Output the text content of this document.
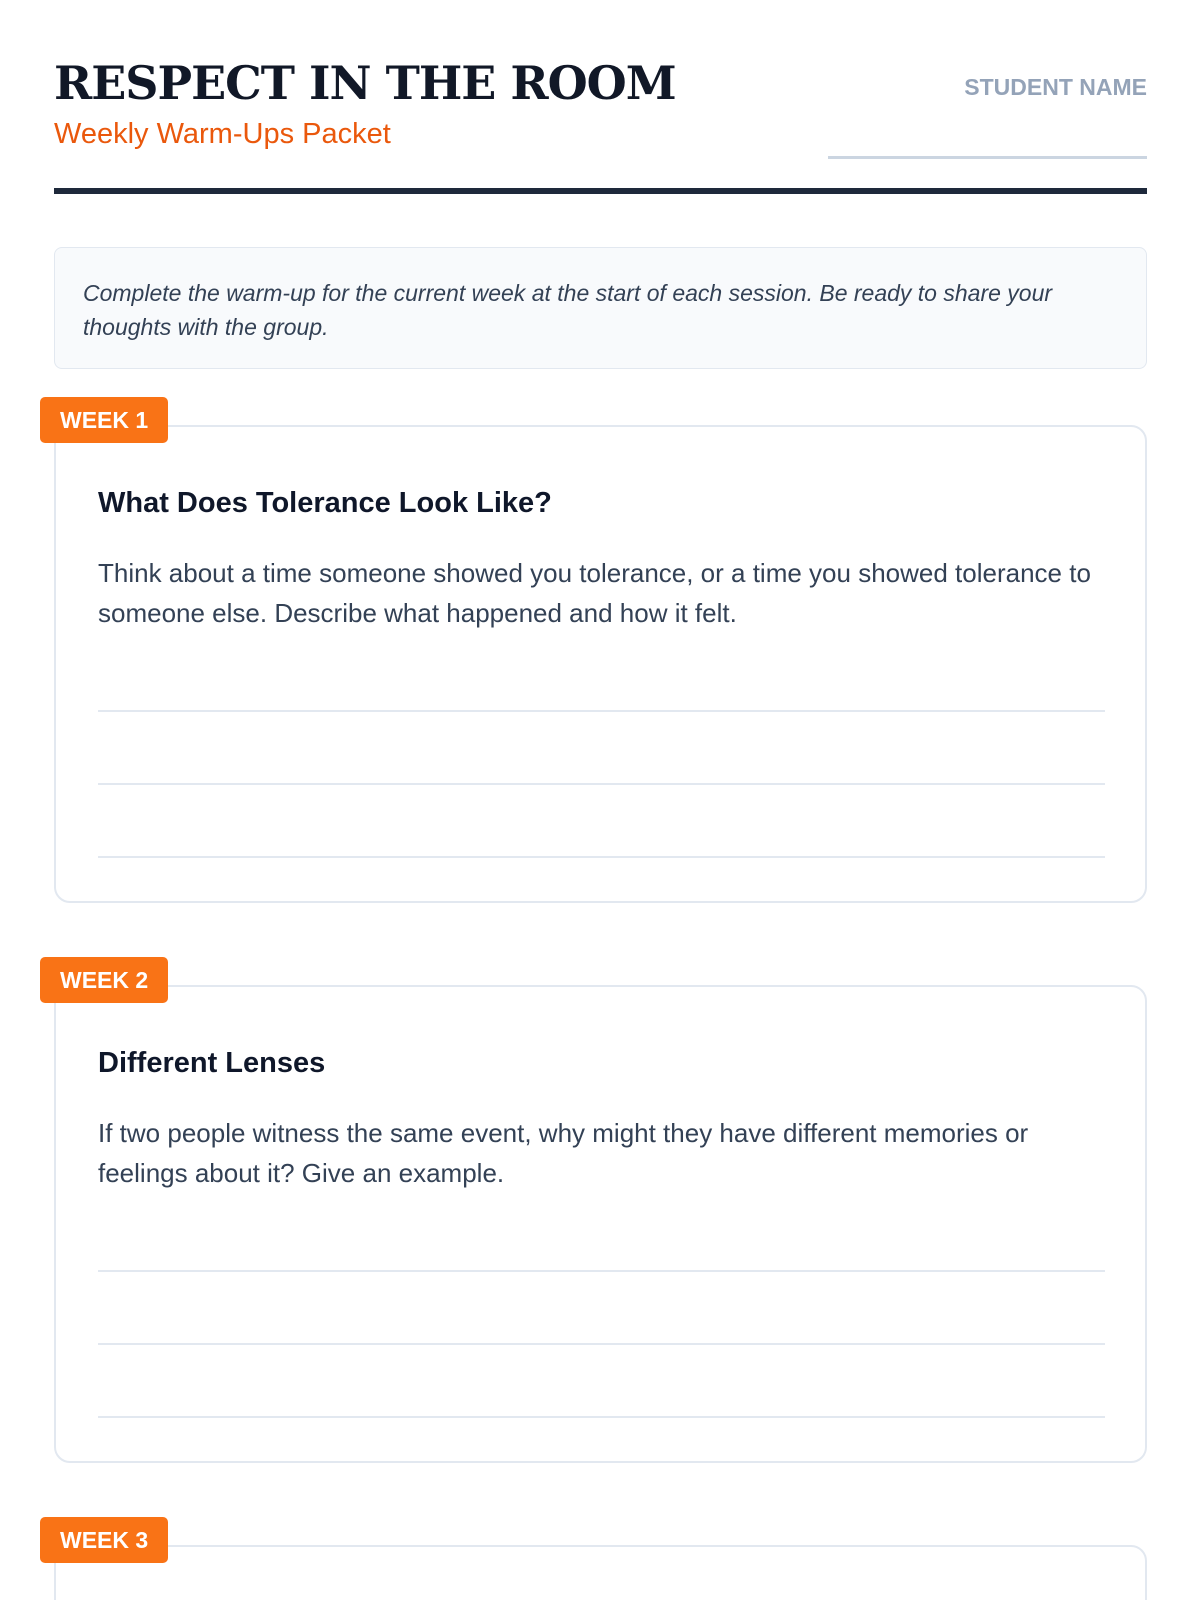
RESPECT IN THE ROOM
Weekly Warm-Ups Packet
STUDENT NAME
Complete the warm-up for the current week at the start of each session. Be ready to share your thoughts with the group.
WEEK 1
What Does Tolerance Look Like?

Think about a time someone showed you tolerance, or a time you showed tolerance to someone else. Describe what happened and how it felt.

WEEK 2
Different Lenses

If two people witness the same event, why might they have different memories or feelings about it? Give an example.

WEEK 3
